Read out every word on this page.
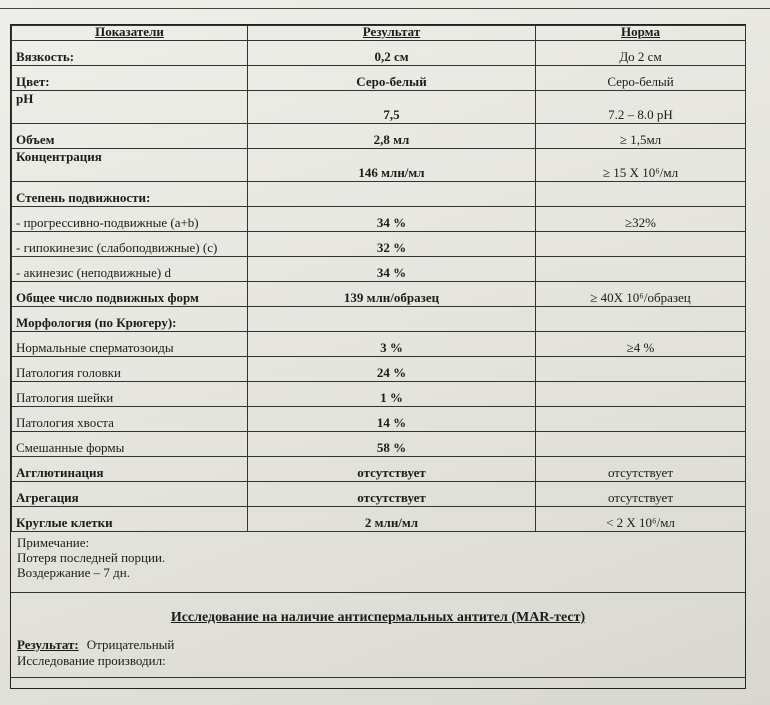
Показатели	Результат	Норма
Вязкость:	0,2 см	До 2 см
Цвет:	Серо-белый	Серо-белый
pH	7,5	7.2 – 8.0 pH
Объем	2,8 мл	≥ 1,5мл
Концентрация	146 млн/мл	≥ 15 Х 10⁶/мл
Степень подвижности:		
- прогрессивно-подвижные (a+b)	34 %	≥32%
- гипокинезис (слабоподвижные) (c)	32 %	
- акинезис (неподвижные) d	34 %	
Общее число подвижных форм	139 млн/образец	≥ 40Х 10⁶/образец
Морфология (по Крюгеру):		
Нормальные сперматозоиды	3 %	≥4 %
Патология головки	24 %	
Патология шейки	1 %	
Патология хвоста	14 %	
Смешанные формы	58 %	
Агглютинация	отсутствует	отсутствует
Агрегация	отсутствует	отсутствует
Круглые клетки	2 млн/мл	< 2 Х 10⁶/мл
Примечание:
Потеря последней порции.
Воздержание – 7 дн.
Исследование на наличие антиспермальных антител (MAR-тест)
Результат: Отрицательный
Исследование производил:
